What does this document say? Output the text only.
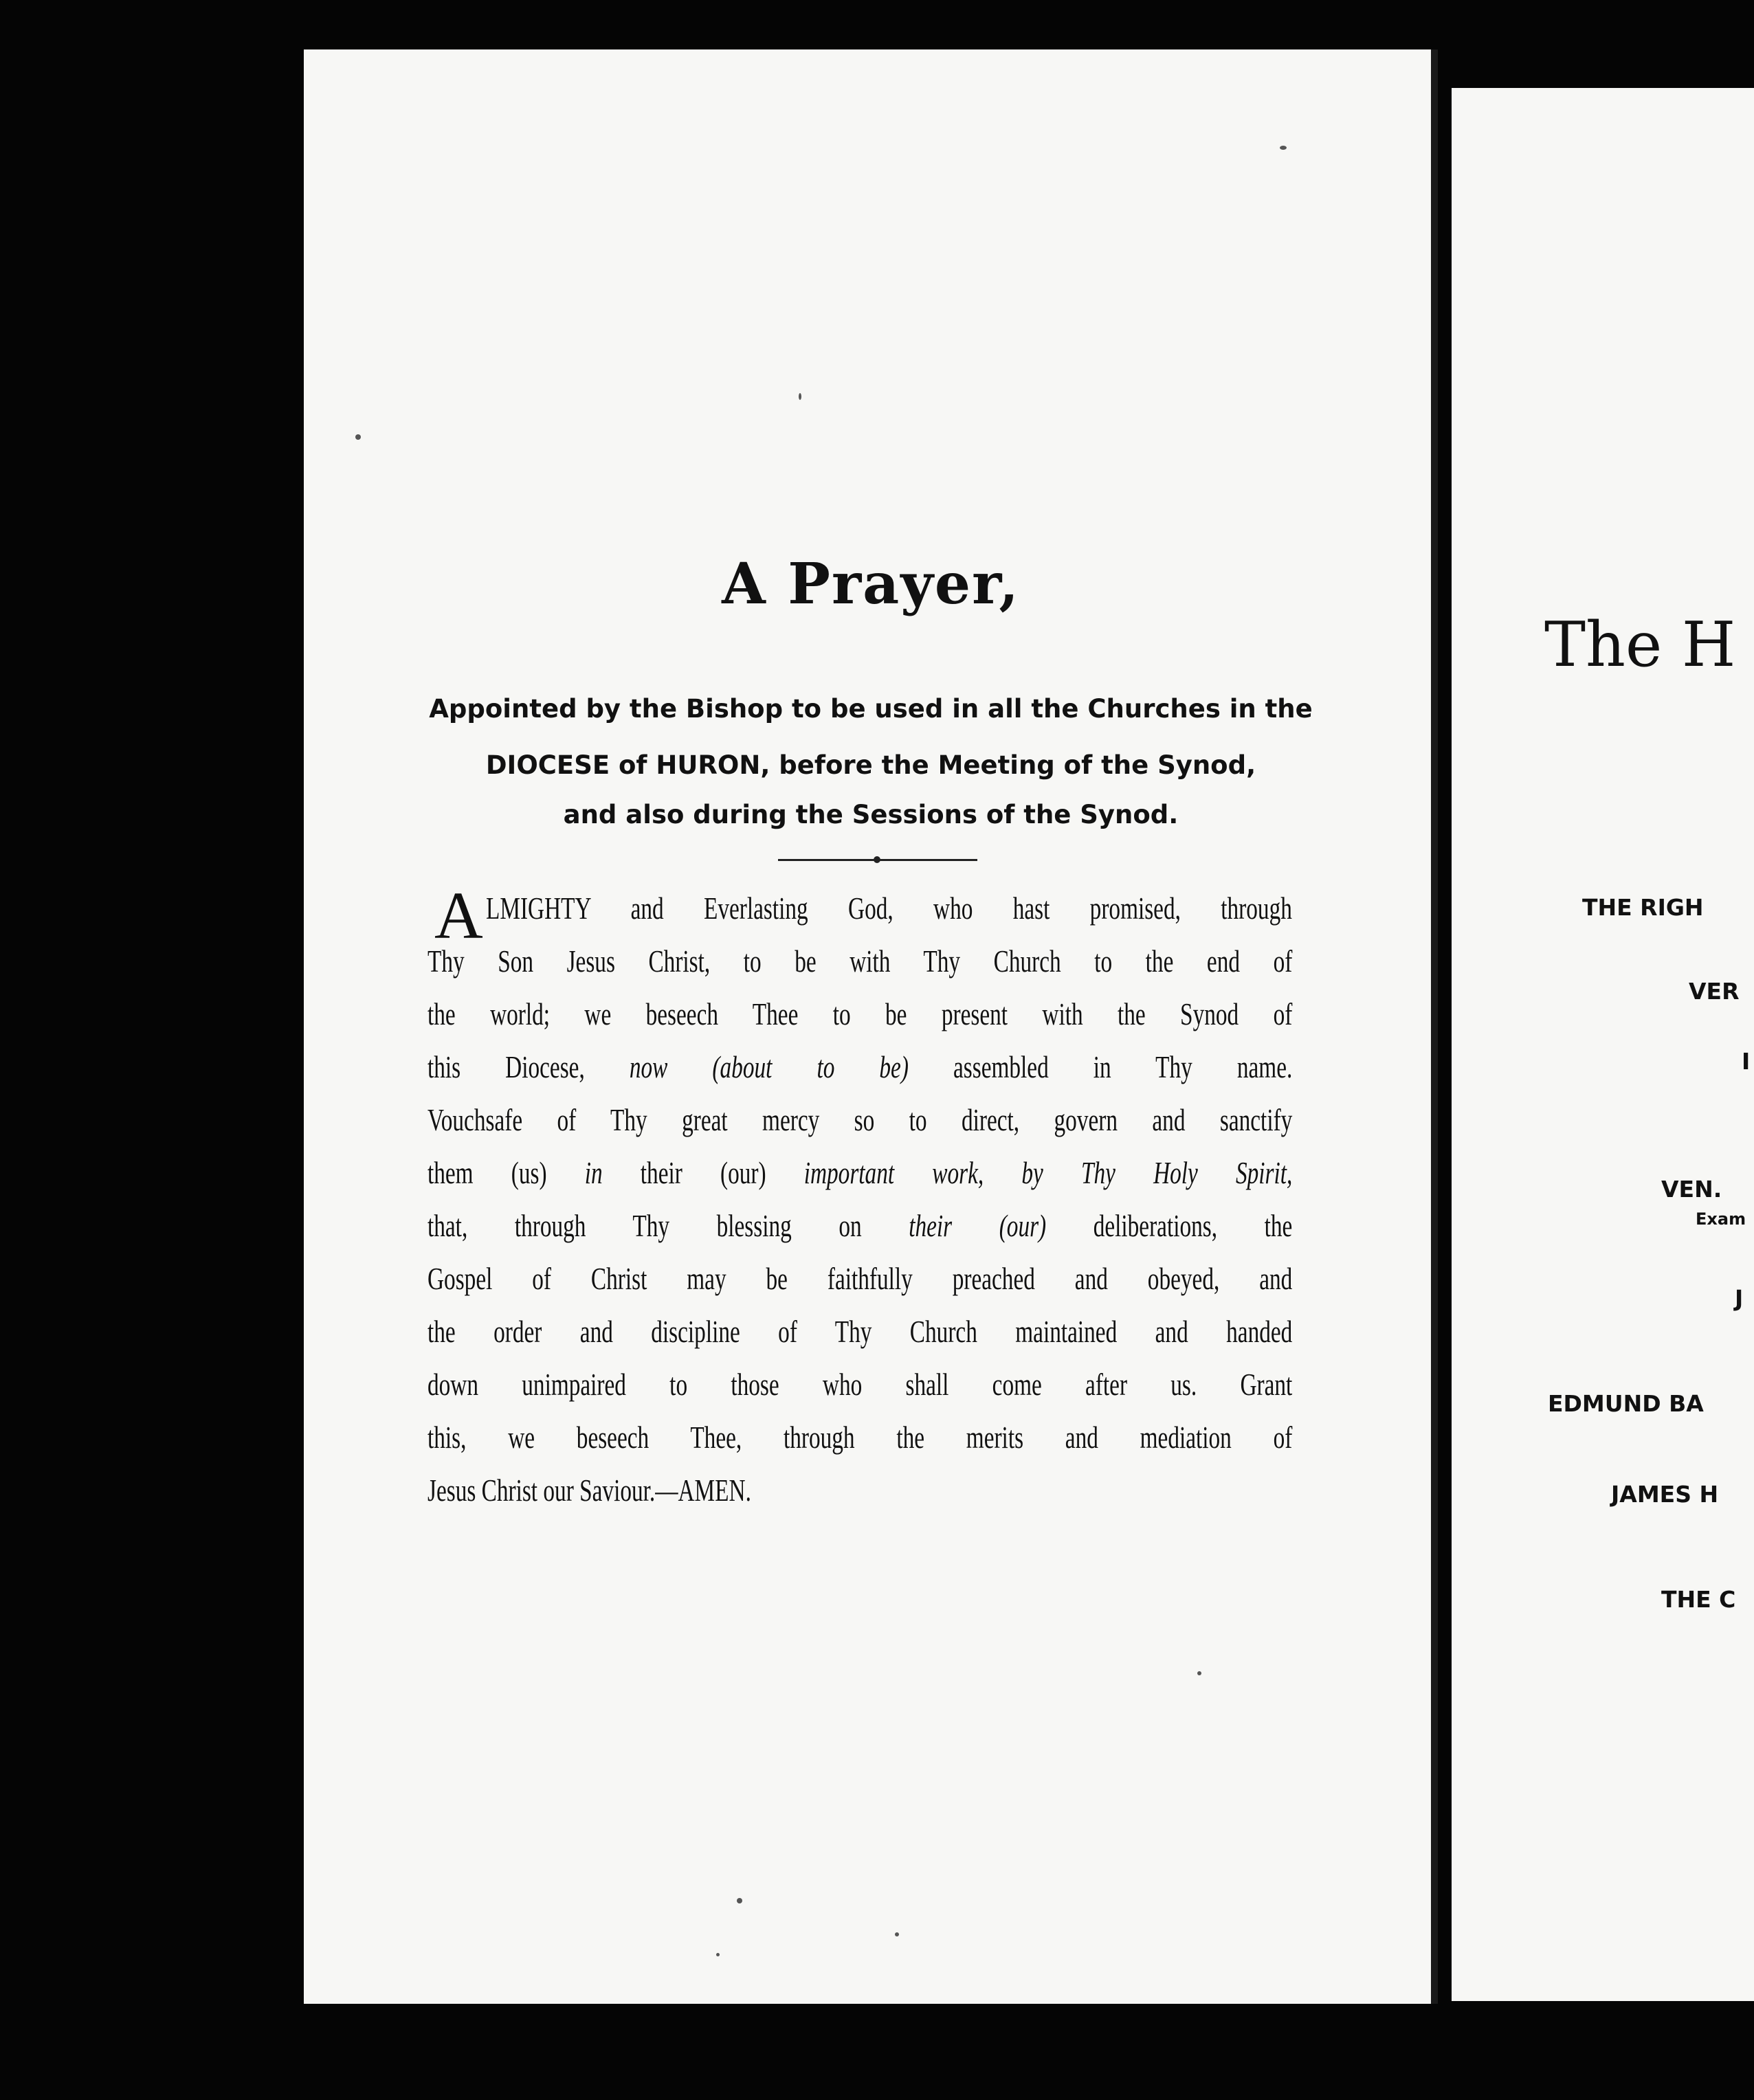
A Prayer,
Appointed by the Bishop to be used in all the Churches in the
DIOCESE of HURON, before the Meeting of the Synod,
and also during the Sessions of the Synod.
A LMIGHTY and Everlasting God, who hast promised, through
Thy Son Jesus Christ, to be with Thy Church to the end of
the world; we beseech Thee to be present with the Synod of
this Diocese, now (about to be) assembled in Thy name.
Vouchsafe of Thy great mercy so to direct, govern and sanctify
them (us) in their (our) important work, by Thy Holy Spirit,
that, through Thy blessing on their (our) deliberations, the
Gospel of Christ may be faithfully preached and obeyed, and
the order and discipline of Thy Church maintained and handed
down unimpaired to those who shall come after us. Grant
this, we beseech Thee, through the merits and mediation of
Jesus Christ our Saviour.—AMEN.
The H
THE RIGH
VER
I
VEN.
Exam
J
EDMUND BA
JAMES H
THE C
